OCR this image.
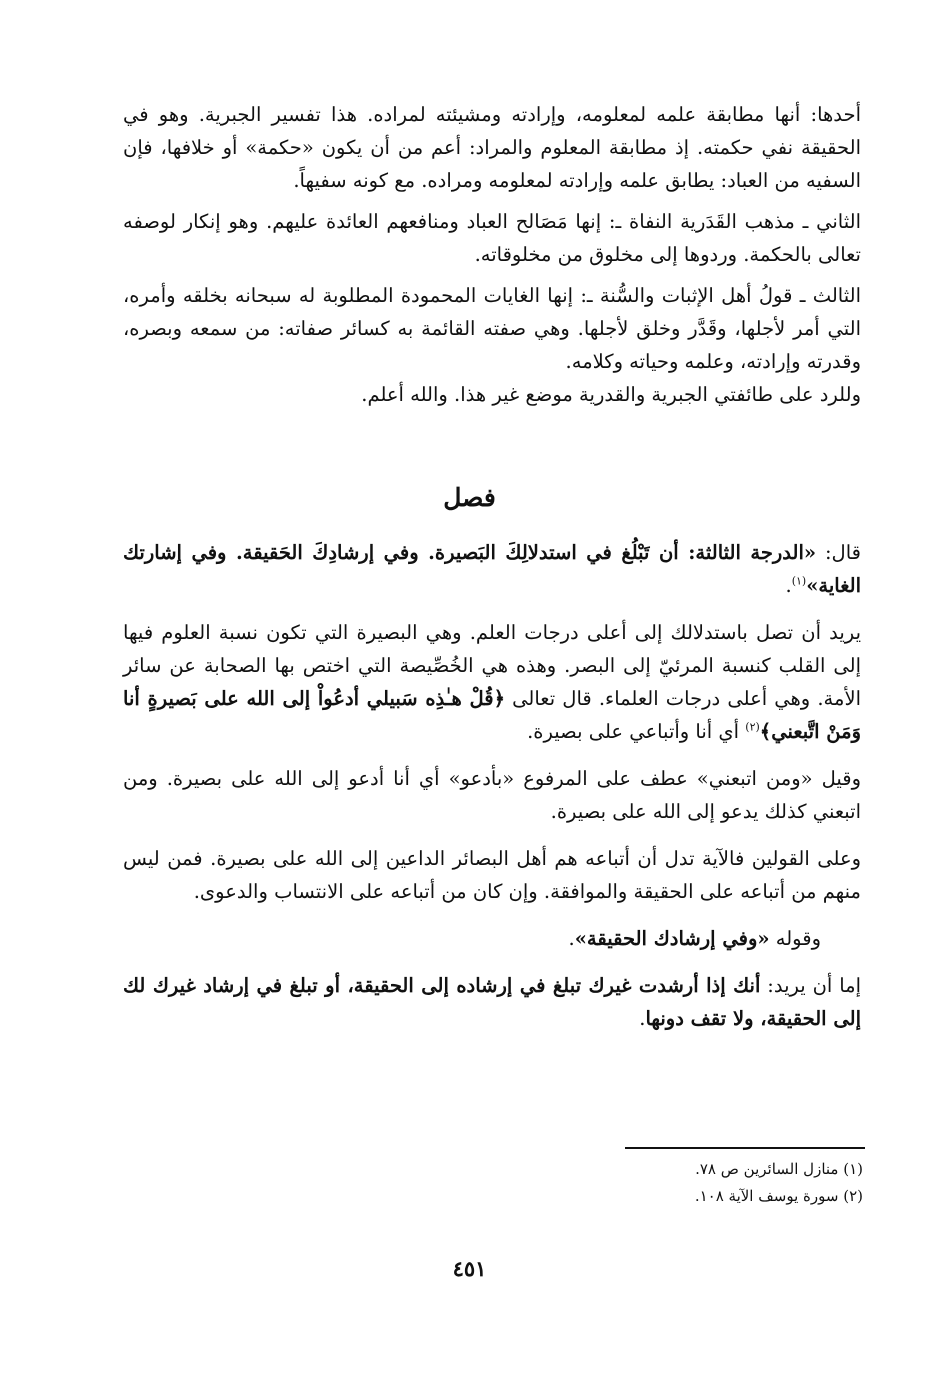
أحدها: أنها مطابقة علمه لمعلومه، وإرادته ومشيئته لمراده. هذا تفسير الجبرية. وهو في الحقيقة نفي حكمته. إذ مطابقة المعلوم والمراد: أعم من أن يكون «حكمة» أو خلافها، فإن السفيه من العباد: يطابق علمه وإرادته لمعلومه ومراده. مع كونه سفيهاً.

الثاني ـ مذهب القَدَرية النفاة ـ: إنها مَصَالح العباد ومنافعهم العائدة عليهم. وهو إنكار لوصفه تعالى بالحكمة. وردوها إلى مخلوق من مخلوقاته.

الثالث ـ قولُ أهل الإثبات والسُّنة ـ: إنها الغايات المحمودة المطلوبة له سبحانه بخلقه وأمره، التي أمر لأجلها، وقَدَّر وخلق لأجلها. وهي صفته القائمة به كسائر صفاته: من سمعه وبصره، وقدرته وإرادته، وعلمه وحياته وكلامه.

وللرد على طائفتي الجبرية والقدرية موضع غير هذا. والله أعلم.

فصل

قال: «الدرجة الثالثة: أن تَبْلُغ في استدلالِكَ البَصيرة. وفي إرشادِكَ الحَقيقة. وفي إشارتك الغاية»$^{(١)}$.

يريد أن تصل باستدلالك إلى أعلى درجات العلم. وهي البصيرة التي تكون نسبة العلوم فيها إلى القلب كنسبة المرئيّ إلى البصر. وهذه هي الخُصِّيصة التي اختص بها الصحابة عن سائر الأمة. وهي أعلى درجات العلماء. قال تعالى ﴿قُلْ هـٰذِه سَبيلي أدعُواْ إلى الله على بَصيرةٍ أنا وَمَنْ اتَّبعني﴾$^{(٢)}$ أي أنا وأتباعي على بصيرة.

وقيل «ومن اتبعني» عطف على المرفوع «بأدعو» أي أنا أدعو إلى الله على بصيرة. ومن اتبعني كذلك يدعو إلى الله على بصيرة.

وعلى القولين فالآية تدل أن أتباعه هم أهل البصائر الداعين إلى الله على بصيرة. فمن ليس منهم من أتباعه على الحقيقة والموافقة. وإن كان من أتباعه على الانتساب والدعوى.

وقوله «وفي إرشادك الحقيقة».

إما أن يريد: أنك إذا أرشدت غيرك تبلغ في إرشاده إلى الحقيقة، أو تبلغ في إرشاد غيرك لك إلى الحقيقة، ولا تقف دونها.

(١) منازل السائرين ص ٧٨.
(٢) سورة يوسف الآية ١٠٨.
٤٥١
